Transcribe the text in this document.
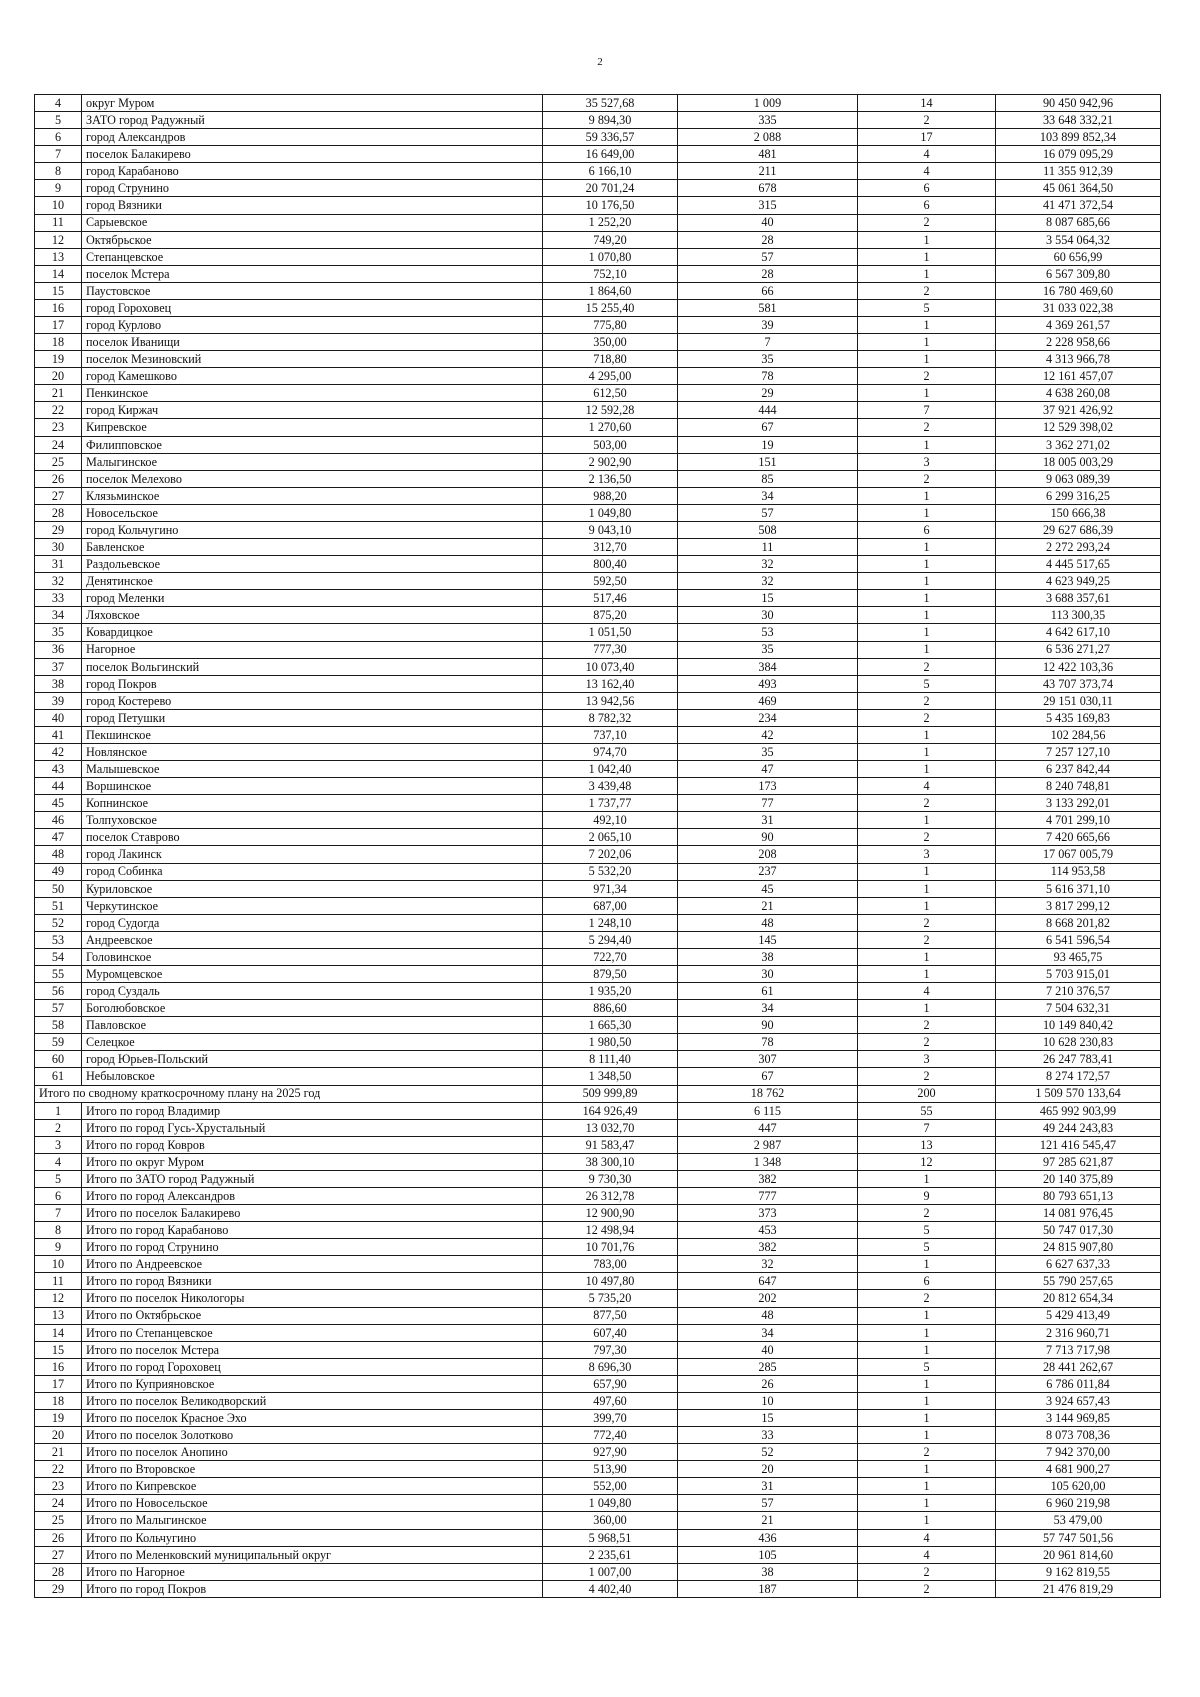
2
4	округ Муром	35 527,68	1 009	14	90 450 942,96
5	ЗАТО город Радужный	9 894,30	335	2	33 648 332,21
6	город Александров	59 336,57	2 088	17	103 899 852,34
7	поселок Балакирево	16 649,00	481	4	16 079 095,29
8	город Карабаново	6 166,10	211	4	11 355 912,39
9	город Струнино	20 701,24	678	6	45 061 364,50
10	город Вязники	10 176,50	315	6	41 471 372,54
11	Сарыевское	1 252,20	40	2	8 087 685,66
12	Октябрьское	749,20	28	1	3 554 064,32
13	Степанцевское	1 070,80	57	1	60 656,99
14	поселок Мстера	752,10	28	1	6 567 309,80
15	Паустовское	1 864,60	66	2	16 780 469,60
16	город Гороховец	15 255,40	581	5	31 033 022,38
17	город Курлово	775,80	39	1	4 369 261,57
18	поселок Иванищи	350,00	7	1	2 228 958,66
19	поселок Мезиновский	718,80	35	1	4 313 966,78
20	город Камешково	4 295,00	78	2	12 161 457,07
21	Пенкинское	612,50	29	1	4 638 260,08
22	город Киржач	12 592,28	444	7	37 921 426,92
23	Кипревское	1 270,60	67	2	12 529 398,02
24	Филипповское	503,00	19	1	3 362 271,02
25	Малыгинское	2 902,90	151	3	18 005 003,29
26	поселок Мелехово	2 136,50	85	2	9 063 089,39
27	Клязьминское	988,20	34	1	6 299 316,25
28	Новосельское	1 049,80	57	1	150 666,38
29	город Кольчугино	9 043,10	508	6	29 627 686,39
30	Бавленское	312,70	11	1	2 272 293,24
31	Раздольевское	800,40	32	1	4 445 517,65
32	Денятинское	592,50	32	1	4 623 949,25
33	город Меленки	517,46	15	1	3 688 357,61
34	Ляховское	875,20	30	1	113 300,35
35	Ковардицкое	1 051,50	53	1	4 642 617,10
36	Нагорное	777,30	35	1	6 536 271,27
37	поселок Вольгинский	10 073,40	384	2	12 422 103,36
38	город Покров	13 162,40	493	5	43 707 373,74
39	город Костерево	13 942,56	469	2	29 151 030,11
40	город Петушки	8 782,32	234	2	5 435 169,83
41	Пекшинское	737,10	42	1	102 284,56
42	Новлянское	974,70	35	1	7 257 127,10
43	Малышевское	1 042,40	47	1	6 237 842,44
44	Воршинское	3 439,48	173	4	8 240 748,81
45	Копнинское	1 737,77	77	2	3 133 292,01
46	Толпуховское	492,10	31	1	4 701 299,10
47	поселок Ставрово	2 065,10	90	2	7 420 665,66
48	город Лакинск	7 202,06	208	3	17 067 005,79
49	город Собинка	5 532,20	237	1	114 953,58
50	Куриловское	971,34	45	1	5 616 371,10
51	Черкутинское	687,00	21	1	3 817 299,12
52	город Судогда	1 248,10	48	2	8 668 201,82
53	Андреевское	5 294,40	145	2	6 541 596,54
54	Головинское	722,70	38	1	93 465,75
55	Муромцевское	879,50	30	1	5 703 915,01
56	город Суздаль	1 935,20	61	4	7 210 376,57
57	Боголюбовское	886,60	34	1	7 504 632,31
58	Павловское	1 665,30	90	2	10 149 840,42
59	Селецкое	1 980,50	78	2	10 628 230,83
60	город Юрьев-Польский	8 111,40	307	3	26 247 783,41
61	Небыловское	1 348,50	67	2	8 274 172,57
Итого по сводному краткосрочному плану на 2025 год		509 999,89	18 762	200	1 509 570 133,64
1	Итого по город Владимир	164 926,49	6 115	55	465 992 903,99
2	Итого по город Гусь-Хрустальный	13 032,70	447	7	49 244 243,83
3	Итого по город Ковров	91 583,47	2 987	13	121 416 545,47
4	Итого по округ Муром	38 300,10	1 348	12	97 285 621,87
5	Итого по ЗАТО город Радужный	9 730,30	382	1	20 140 375,89
6	Итого по город Александров	26 312,78	777	9	80 793 651,13
7	Итого по поселок Балакирево	12 900,90	373	2	14 081 976,45
8	Итого по город Карабаново	12 498,94	453	5	50 747 017,30
9	Итого по город Струнино	10 701,76	382	5	24 815 907,80
10	Итого по Андреевское	783,00	32	1	6 627 637,33
11	Итого по город Вязники	10 497,80	647	6	55 790 257,65
12	Итого по поселок Никологоры	5 735,20	202	2	20 812 654,34
13	Итого по Октябрьское	877,50	48	1	5 429 413,49
14	Итого по Степанцевское	607,40	34	1	2 316 960,71
15	Итого по поселок Мстера	797,30	40	1	7 713 717,98
16	Итого по город Гороховец	8 696,30	285	5	28 441 262,67
17	Итого по Куприяновское	657,90	26	1	6 786 011,84
18	Итого по поселок Великодворский	497,60	10	1	3 924 657,43
19	Итого по поселок Красное Эхо	399,70	15	1	3 144 969,85
20	Итого по поселок Золотково	772,40	33	1	8 073 708,36
21	Итого по поселок Анопино	927,90	52	2	7 942 370,00
22	Итого по Второвское	513,90	20	1	4 681 900,27
23	Итого по Кипревское	552,00	31	1	105 620,00
24	Итого по Новосельское	1 049,80	57	1	6 960 219,98
25	Итого по Малыгинское	360,00	21	1	53 479,00
26	Итого по Кольчугино	5 968,51	436	4	57 747 501,56
27	Итого по Меленковский муниципальный округ	2 235,61	105	4	20 961 814,60
28	Итого по Нагорное	1 007,00	38	2	9 162 819,55
29	Итого по город Покров	4 402,40	187	2	21 476 819,29
